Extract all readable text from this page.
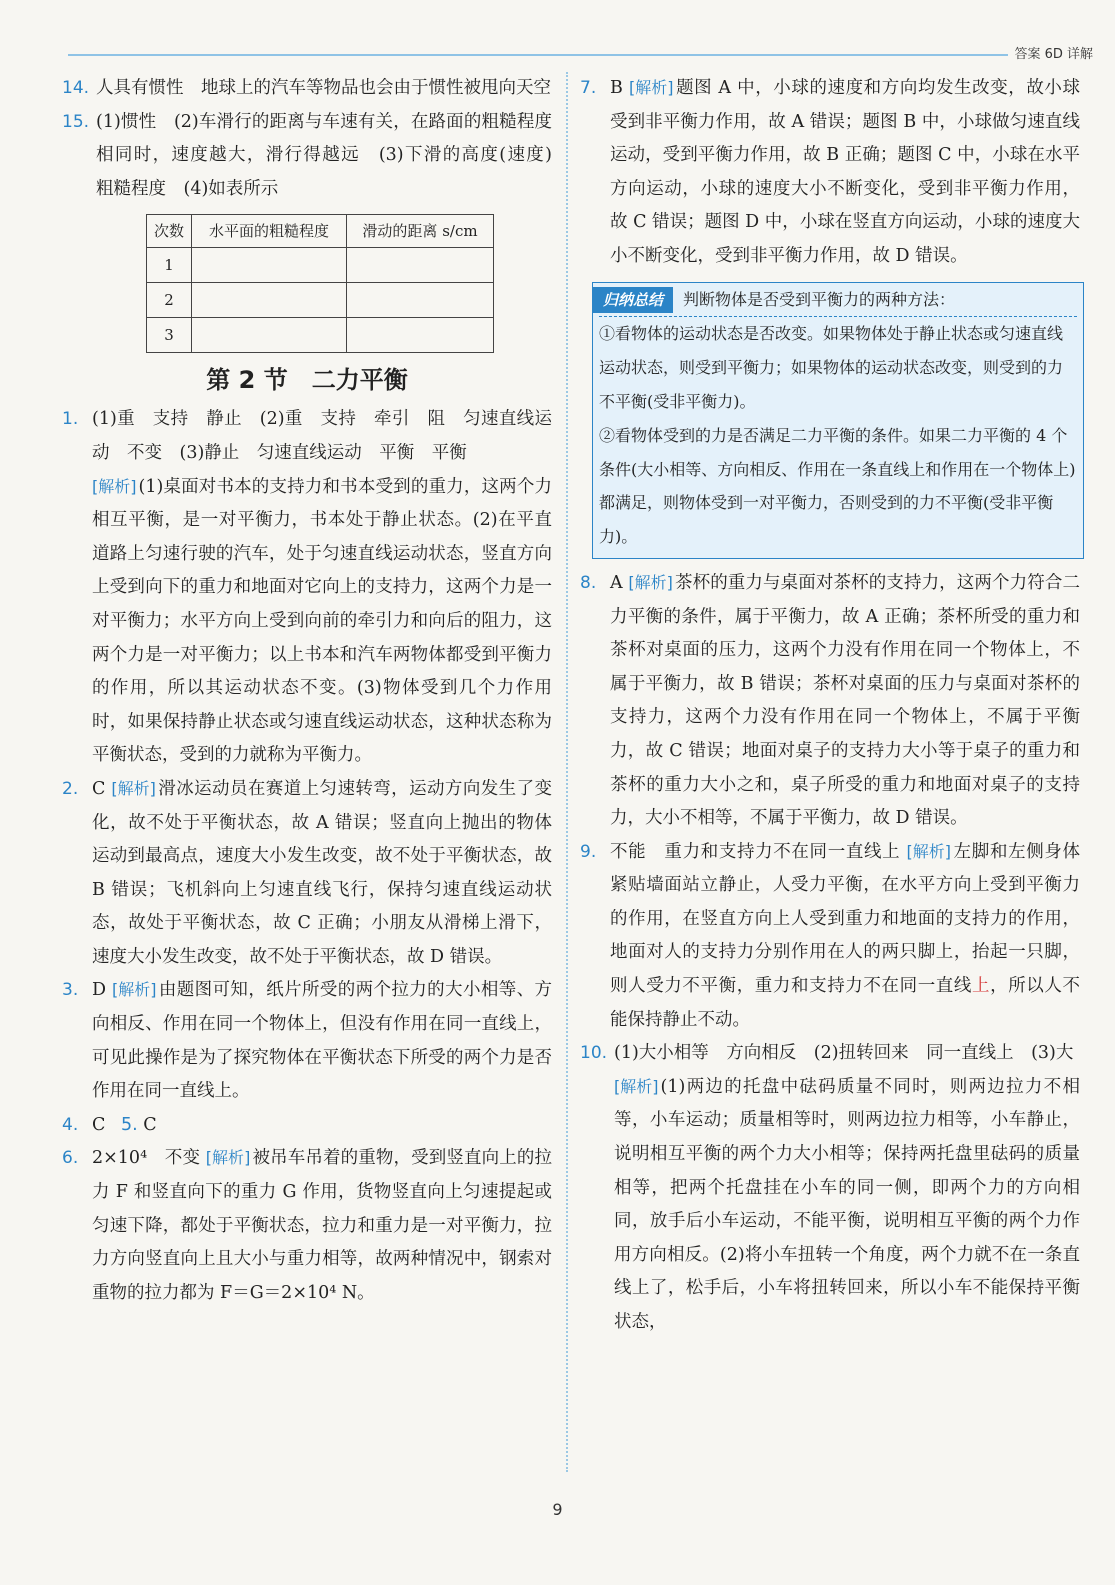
答案 6D 详解
14. 人具有惯性　地球上的汽车等物品也会由于惯性被甩向天空
15. (1)惯性　(2)车滑行的距离与车速有关，在路面的粗糙程度相同时，速度越大，滑行得越远　(3)下滑的高度(速度)　粗糙程度　(4)如表所示
次数	水平面的粗糙程度	滑动的距离 s/cm
1		
2		
3		
第 2 节　二力平衡
1. (1)重　支持　静止　(2)重　支持　牵引　阻　匀速直线运动　不变　(3)静止　匀速直线运动　平衡　平衡
[ 解析 ] (1)桌面对书本的支持力和书本受到的重力，这两个力相互平衡，是一对平衡力，书本处于静止状态。(2)在平直道路上匀速行驶的汽车，处于匀速直线运动状态，竖直方向上受到向下的重力和地面对它向上的支持力，这两个力是一对平衡力；水平方向上受到向前的牵引力和向后的阻力，这两个力是一对平衡力；以上书本和汽车两物体都受到平衡力的作用，所以其运动状态不变。(3)物体受到几个力作用时，如果保持静止状态或匀速直线运动状态，这种状态称为平衡状态，受到的力就称为平衡力。
2. C [ 解析 ] 滑冰运动员在赛道上匀速转弯，运动方向发生了变化，故不处于平衡状态，故 A 错误；竖直向上抛出的物体运动到最高点，速度大小发生改变，故不处于平衡状态，故 B 错误；飞机斜向上匀速直线飞行，保持匀速直线运动状态，故处于平衡状态，故 C 正确；小朋友从滑梯上滑下，速度大小发生改变，故不处于平衡状态，故 D 错误。
3. D [ 解析 ] 由题图可知，纸片所受的两个拉力的大小相等、方向相反、作用在同一个物体上，但没有作用在同一直线上，可见此操作是为了探究物体在平衡状态下所受的两个力是否作用在同一直线上。
4. C 5. C
6. 2×10⁴　不变 [ 解析 ] 被吊车吊着的重物，受到竖直向上的拉力 F 和竖直向下的重力 G 作用，货物竖直向上匀速提起或匀速下降，都处于平衡状态，拉力和重力是一对平衡力，拉力方向竖直向上且大小与重力相等，故两种情况中，钢索对重物的拉力都为 F＝G＝2×10⁴ N。
7. B [ 解析 ] 题图 A 中，小球的速度和方向均发生改变，故小球受到非平衡力作用，故 A 错误；题图 B 中，小球做匀速直线运动，受到平衡力作用，故 B 正确；题图 C 中，小球在水平方向运动，小球的速度大小不断变化，受到非平衡力作用，故 C 错误；题图 D 中，小球在竖直方向运动，小球的速度大小不断变化，受到非平衡力作用，故 D 错误。
归纳总结 判断物体是否受到平衡力的两种方法：
①看物体的运动状态是否改变。如果物体处于静止状态或匀速直线运动状态，则受到平衡力；如果物体的运动状态改变，则受到的力不平衡(受非平衡力)。
②看物体受到的力是否满足二力平衡的条件。如果二力平衡的 4 个条件(大小相等、方向相反、作用在一条直线上和作用在一个物体上)都满足，则物体受到一对平衡力，否则受到的力不平衡(受非平衡力)。
8. A [ 解析 ] 茶杯的重力与桌面对茶杯的支持力，这两个力符合二力平衡的条件，属于平衡力，故 A 正确；茶杯所受的重力和茶杯对桌面的压力，这两个力没有作用在同一个物体上，不属于平衡力，故 B 错误；茶杯对桌面的压力与桌面对茶杯的支持力，这两个力没有作用在同一个物体上，不属于平衡力，故 C 错误；地面对桌子的支持力大小等于桌子的重力和茶杯的重力大小之和，桌子所受的重力和地面对桌子的支持力，大小不相等，不属于平衡力，故 D 错误。
9. 不能　重力和支持力不在同一直线上 [ 解析 ] 左脚和左侧身体紧贴墙面站立静止，人受力平衡，在水平方向上受到平衡力的作用，在竖直方向上人受到重力和地面的支持力的作用，地面对人的支持力分别作用在人的两只脚上，抬起一只脚，则人受力不平衡，重力和支持力不在同一直线上，所以人不能保持静止不动。
10. (1)大小相等　方向相反　(2)扭转回来　同一直线上　(3)大
[ 解析 ] (1)两边的托盘中砝码质量不同时，则两边拉力不相等，小车运动；质量相等时，则两边拉力相等，小车静止，说明相互平衡的两个力大小相等；保持两托盘里砝码的质量相等，把两个托盘挂在小车的同一侧，即两个力的方向相同，放手后小车运动，不能平衡，说明相互平衡的两个力作用方向相反。(2)将小车扭转一个角度，两个力就不在一条直线上了，松手后，小车将扭转回来，所以小车不能保持平衡状态，
9
